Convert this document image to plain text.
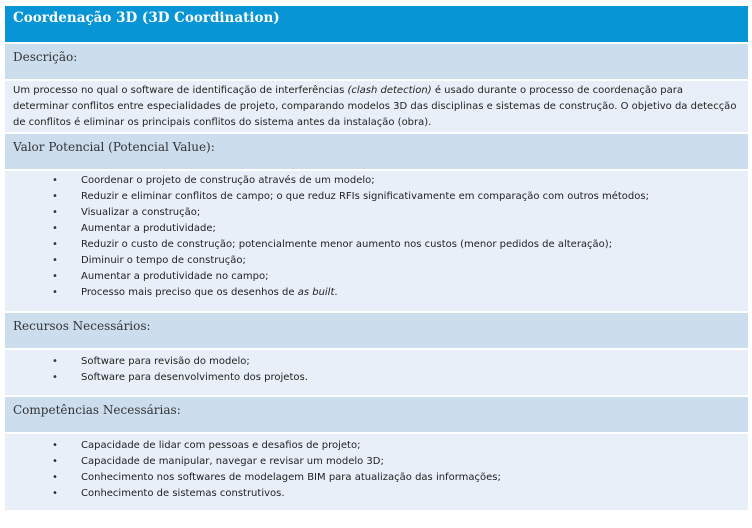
Coordenação 3D (3D Coordination)
Descrição:

Um processo no qual o software de identificação de interferências (clash detection) é usado durante o processo de coordenação para determinar conflitos entre especialidades de projeto, comparando modelos 3D das disciplinas e sistemas de construção. O objetivo da detecção de conflitos é eliminar os principais conflitos do sistema antes da instalação (obra).

Valor Potencial (Potencial Value):
• Coordenar o projeto de construção através de um modelo;
• Reduzir e eliminar conflitos de campo; o que reduz RFIs significativamente em comparação com outros métodos;
• Visualizar a construção;
• Aumentar a produtividade;
• Reduzir o custo de construção; potencialmente menor aumento nos custos (menor pedidos de alteração);
• Diminuir o tempo de construção;
• Aumentar a produtividade no campo;
• Processo mais preciso que os desenhos de as built.
Recursos Necessários:
• Software para revisão do modelo;
• Software para desenvolvimento dos projetos.
Competências Necessárias:
• Capacidade de lidar com pessoas e desafios de projeto;
• Capacidade de manipular, navegar e revisar um modelo 3D;
• Conhecimento nos softwares de modelagem BIM para atualização das informações;
• Conhecimento de sistemas construtivos.
